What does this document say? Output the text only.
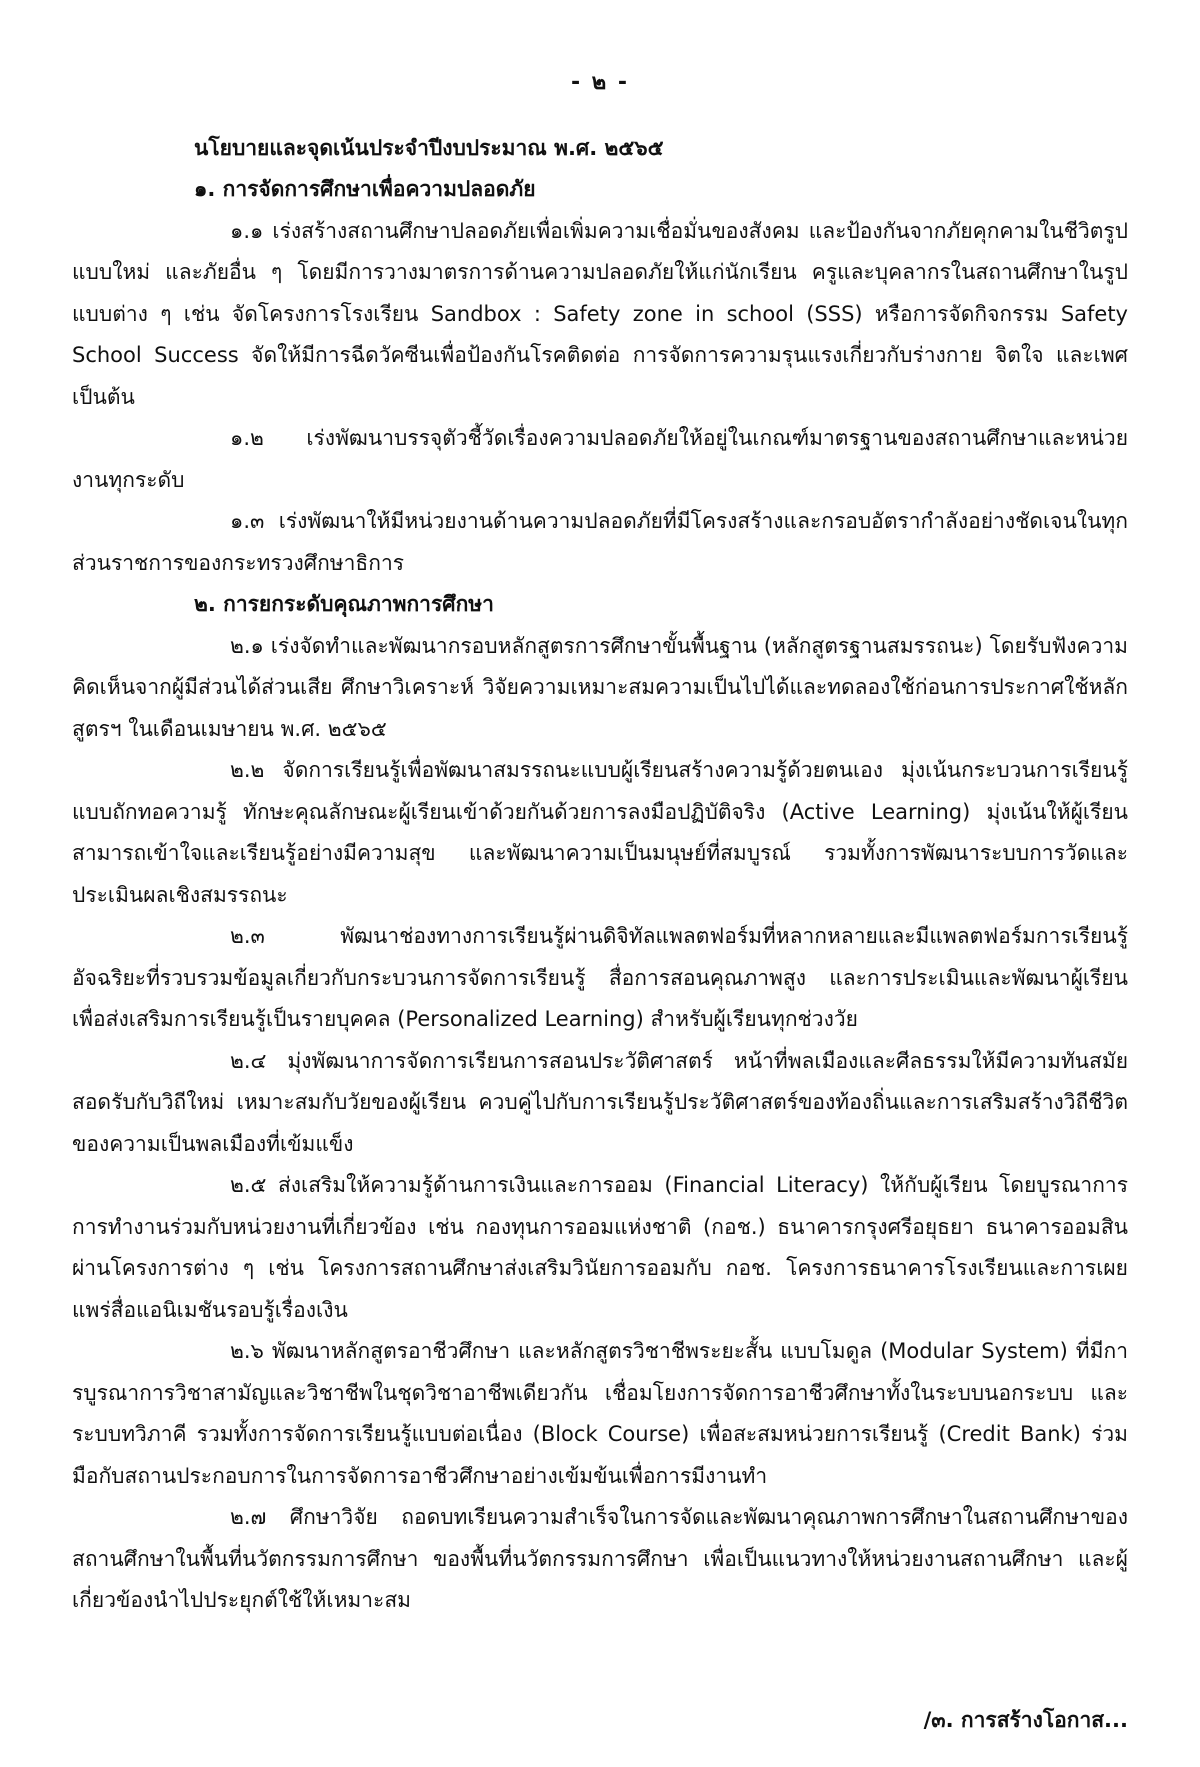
- ๒ -
นโยบายและจุดเน้นประจำปีงบประมาณ พ.ศ. ๒๕๖๕
๑. การจัดการศึกษาเพื่อความปลอดภัย

๑.๑ เร่งสร้างสถานศึกษาปลอดภัยเพื่อเพิ่มความเชื่อมั่นของสังคม และป้องกันจากภัยคุกคามในชีวิตรูปแบบใหม่ และภัยอื่น ๆ โดยมีการวางมาตรการด้านความปลอดภัยให้แก่นักเรียน ครูและบุคลากรในสถานศึกษาในรูปแบบต่าง ๆ เช่น จัดโครงการโรงเรียน Sandbox : Safety zone in school (SSS) หรือการจัดกิจกรรม Safety School Success จัดให้มีการฉีดวัคซีนเพื่อป้องกันโรคติดต่อ การจัดการความรุนแรงเกี่ยวกับร่างกาย จิตใจ และเพศ เป็นต้น

๑.๒ เร่งพัฒนาบรรจุตัวชี้วัดเรื่องความปลอดภัยให้อยู่ในเกณฑ์มาตรฐานของสถานศึกษาและหน่วยงานทุกระดับ

๑.๓ เร่งพัฒนาให้มีหน่วยงานด้านความปลอดภัยที่มีโครงสร้างและกรอบอัตรากำลังอย่างชัดเจนในทุกส่วนราชการของกระทรวงศึกษาธิการ

๒. การยกระดับคุณภาพการศึกษา

๒.๑ เร่งจัดทำและพัฒนากรอบหลักสูตรการศึกษาขั้นพื้นฐาน (หลักสูตรฐานสมรรถนะ) โดยรับฟังความคิดเห็นจากผู้มีส่วนได้ส่วนเสีย ศึกษาวิเคราะห์ วิจัยความเหมาะสมความเป็นไปได้และทดลองใช้ก่อนการประกาศใช้หลักสูตรฯ ในเดือนเมษายน พ.ศ. ๒๕๖๕

๒.๒ จัดการเรียนรู้เพื่อพัฒนาสมรรถนะแบบผู้เรียนสร้างความรู้ด้วยตนเอง มุ่งเน้นกระบวนการเรียนรู้แบบถักทอความรู้ ทักษะคุณลักษณะผู้เรียนเข้าด้วยกันด้วยการลงมือปฏิบัติจริง (Active Learning) มุ่งเน้นให้ผู้เรียนสามารถเข้าใจและเรียนรู้อย่างมีความสุข และพัฒนาความเป็นมนุษย์ที่สมบูรณ์ รวมทั้งการพัฒนาระบบการวัดและประเมินผลเชิงสมรรถนะ

๒.๓ พัฒนาช่องทางการเรียนรู้ผ่านดิจิทัลแพลตฟอร์มที่หลากหลายและมีแพลตฟอร์มการเรียนรู้อัจฉริยะที่รวบรวมข้อมูลเกี่ยวกับกระบวนการจัดการเรียนรู้ สื่อการสอนคุณภาพสูง และการประเมินและพัฒนาผู้เรียน เพื่อส่งเสริมการเรียนรู้เป็นรายบุคคล (Personalized Learning) สำหรับผู้เรียนทุกช่วงวัย

๒.๔ มุ่งพัฒนาการจัดการเรียนการสอนประวัติศาสตร์ หน้าที่พลเมืองและศีลธรรมให้มีความทันสมัยสอดรับกับวิถีใหม่ เหมาะสมกับวัยของผู้เรียน ควบคู่ไปกับการเรียนรู้ประวัติศาสตร์ของท้องถิ่นและการเสริมสร้างวิถีชีวิตของความเป็นพลเมืองที่เข้มแข็ง

๒.๕ ส่งเสริมให้ความรู้ด้านการเงินและการออม (Financial Literacy) ให้กับผู้เรียน โดยบูรณาการการทำงานร่วมกับหน่วยงานที่เกี่ยวข้อง เช่น กองทุนการออมแห่งชาติ (กอช.) ธนาคารกรุงศรีอยุธยา ธนาคารออมสิน ผ่านโครงการต่าง ๆ เช่น โครงการสถานศึกษาส่งเสริมวินัยการออมกับ กอช. โครงการธนาคารโรงเรียนและการเผยแพร่สื่อแอนิเมชันรอบรู้เรื่องเงิน

๒.๖ พัฒนาหลักสูตรอาชีวศึกษา และหลักสูตรวิชาชีพระยะสั้น แบบโมดูล (Modular System) ที่มีการบูรณาการวิชาสามัญและวิชาชีพในชุดวิชาอาชีพเดียวกัน เชื่อมโยงการจัดการอาชีวศึกษาทั้งในระบบนอกระบบ และระบบทวิภาคี รวมทั้งการจัดการเรียนรู้แบบต่อเนื่อง (Block Course) เพื่อสะสมหน่วยการเรียนรู้ (Credit Bank) ร่วมมือกับสถานประกอบการในการจัดการอาชีวศึกษาอย่างเข้มข้นเพื่อการมีงานทำ

๒.๗ ศึกษาวิจัย ถอดบทเรียนความสำเร็จในการจัดและพัฒนาคุณภาพการศึกษาในสถานศึกษาของสถานศึกษาในพื้นที่นวัตกรรมการศึกษา ของพื้นที่นวัตกรรมการศึกษา เพื่อเป็นแนวทางให้หน่วยงานสถานศึกษา และผู้เกี่ยวข้องนำไปประยุกต์ใช้ให้เหมาะสม

/๓. การสร้างโอกาส...
